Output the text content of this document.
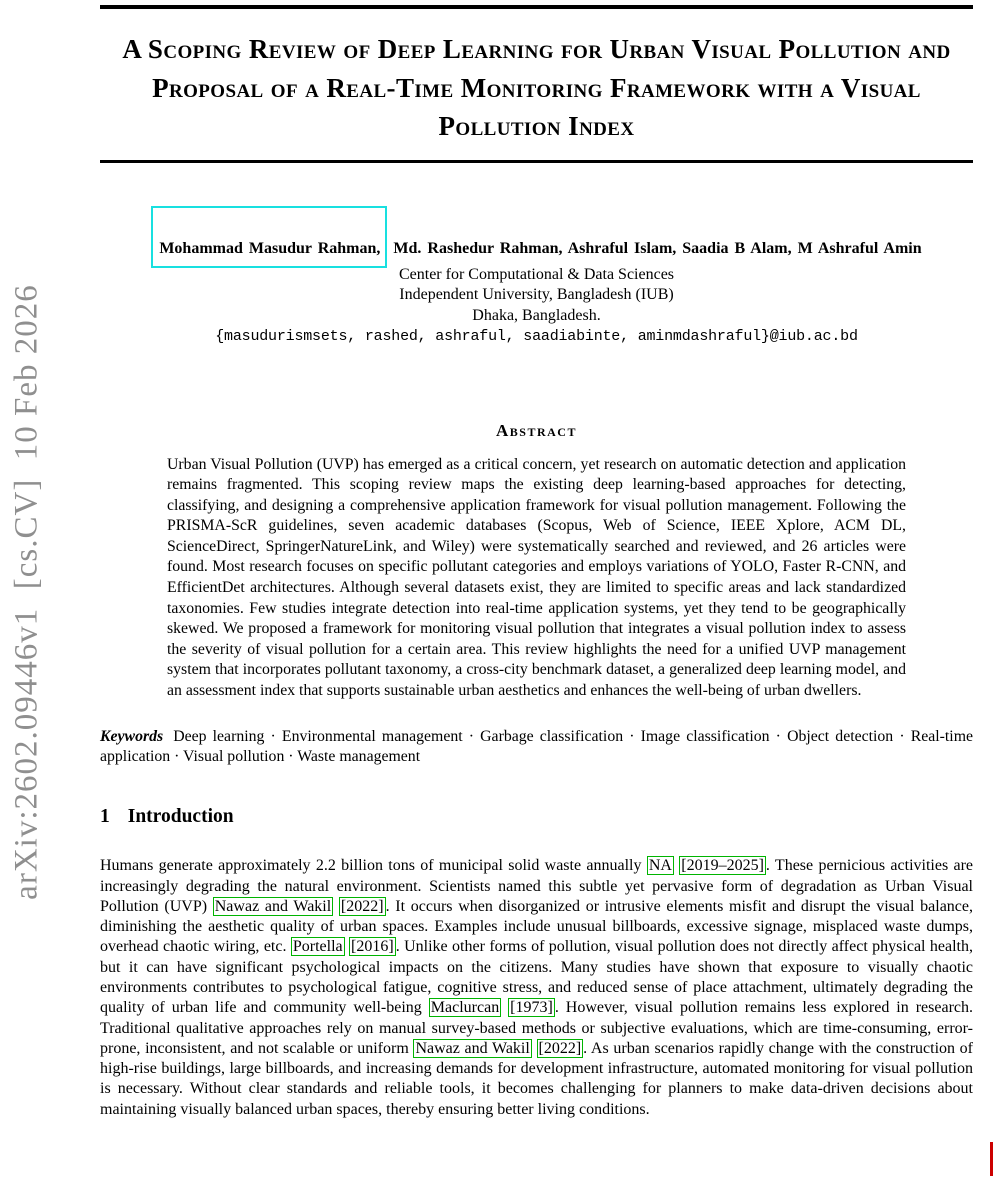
arXiv:2602.09446v1  [cs.CV]  10 Feb 2026
A Scoping Review of Deep Learning for Urban Visual Pollution and Proposal of a Real-Time Monitoring Framework with a Visual Pollution Index
Mohammad Masudur Rahman, Md. Rashedur Rahman, Ashraful Islam, Saadia B Alam, M Ashraful Amin
Center for Computational & Data Sciences
Independent University, Bangladesh (IUB)
Dhaka, Bangladesh.
{masudurismsets, rashed, ashraful, saadiabinte, aminmdashraful}@iub.ac.bd
Abstract

Urban Visual Pollution (UVP) has emerged as a critical concern, yet research on automatic detection and application remains fragmented. This scoping review maps the existing deep learning-based approaches for detecting, classifying, and designing a comprehensive application framework for visual pollution management. Following the PRISMA-ScR guidelines, seven academic databases (Scopus, Web of Science, IEEE Xplore, ACM DL, ScienceDirect, SpringerNatureLink, and Wiley) were systematically searched and reviewed, and 26 articles were found. Most research focuses on specific pollutant categories and employs variations of YOLO, Faster R-CNN, and EfficientDet architectures. Although several datasets exist, they are limited to specific areas and lack standardized taxonomies. Few studies integrate detection into real-time application systems, yet they tend to be geographically skewed. We proposed a framework for monitoring visual pollution that integrates a visual pollution index to assess the severity of visual pollution for a certain area. This review highlights the need for a unified UVP management system that incorporates pollutant taxonomy, a cross-city benchmark dataset, a generalized deep learning model, and an assessment index that supports sustainable urban aesthetics and enhances the well-being of urban dwellers.

Keywords Deep learning · Environmental management · Garbage classification · Image classification · Object detection · Real-time application · Visual pollution · Waste management

1 Introduction

Humans generate approximately 2.2 billion tons of municipal solid waste annually NA [2019–2025] . These pernicious activities are increasingly degrading the natural environment. Scientists named this subtle yet pervasive form of degradation as Urban Visual Pollution (UVP) Nawaz and Wakil [2022] . It occurs when disorganized or intrusive elements misfit and disrupt the visual balance, diminishing the aesthetic quality of urban spaces. Examples include unusual billboards, excessive signage, misplaced waste dumps, overhead chaotic wiring, etc. Portella [2016] . Unlike other forms of pollution, visual pollution does not directly affect physical health, but it can have significant psychological impacts on the citizens. Many studies have shown that exposure to visually chaotic environments contributes to psychological fatigue, cognitive stress, and reduced sense of place attachment, ultimately degrading the quality of urban life and community well-being Maclurcan [1973] . However, visual pollution remains less explored in research. Traditional qualitative approaches rely on manual survey-based methods or subjective evaluations, which are time-consuming, error-prone, inconsistent, and not scalable or uniform Nawaz and Wakil [2022] . As urban scenarios rapidly change with the construction of high-rise buildings, large billboards, and increasing demands for development infrastructure, automated monitoring for visual pollution is necessary. Without clear standards and reliable tools, it becomes challenging for planners to make data-driven decisions about maintaining visually balanced urban spaces, thereby ensuring better living conditions.
